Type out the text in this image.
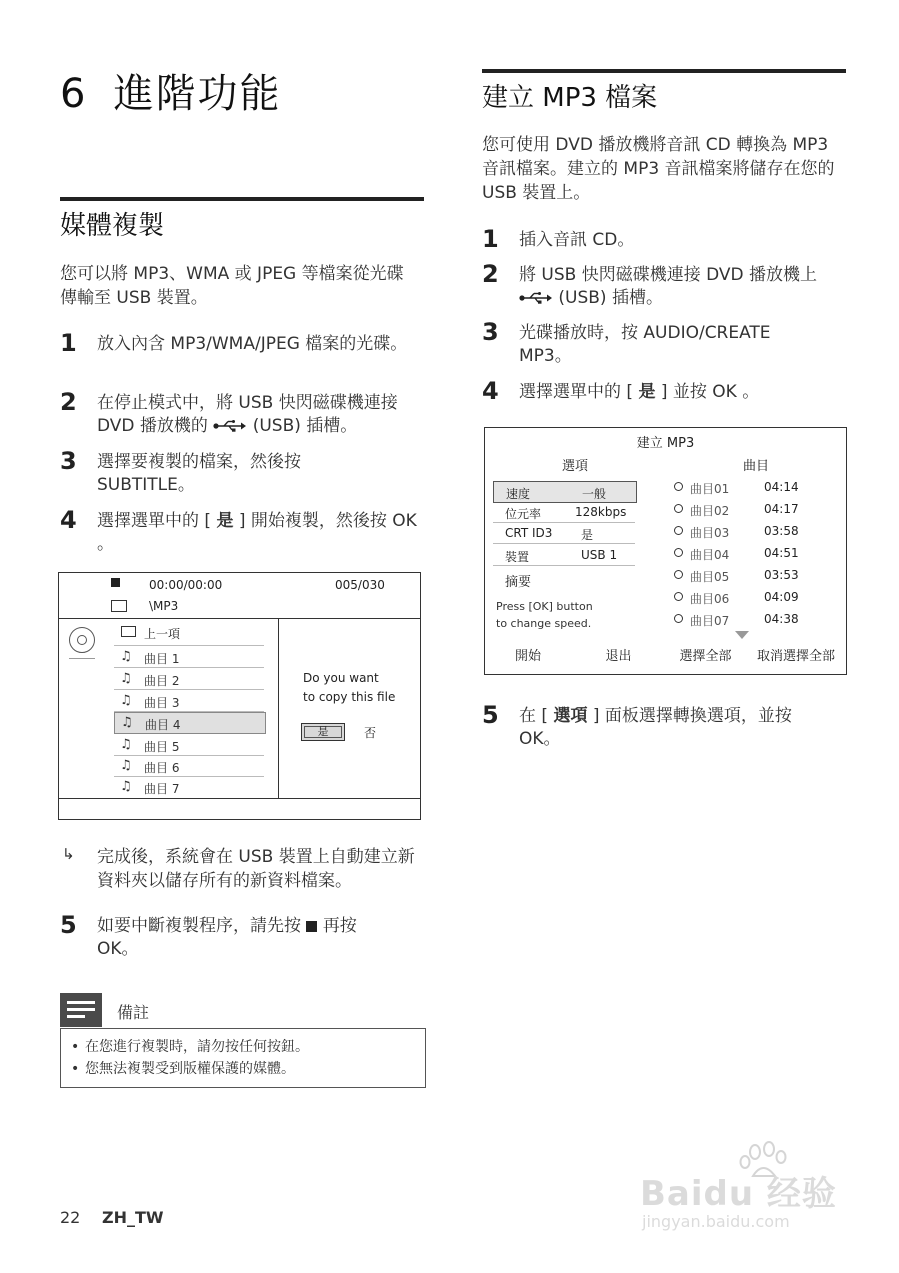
6 進階功能
媒體複製
您可以將 MP3、WMA 或 JPEG 等檔案從光碟傳輸至 USB 裝置。
1 放入內含 MP3/WMA/JPEG 檔案的光碟。
2 在停止模式中，將 USB 快閃磁碟機連接 DVD 播放機的	(USB) 插槽。
3 選擇要複製的檔案，然後按 SUBTITLE。
4 選擇選單中的 [ 是 ] 開始複製，然後按 OK 。
00:00/00:00	005/030
\MP3
上一項
♫ 曲目 1
♫ 曲目 2
♫ 曲目 3
♫ 曲目 4
♫ 曲目 5
♫ 曲目 6
♫ 曲目 7
Do you want
to copy this file
是	否
↳ 完成後，系統會在 USB 裝置上自動建立新資料夾以儲存所有的新資料檔案。
5 如要中斷複製程序，請先按 再按 OK。
備註
• 在您進行複製時，請勿按任何按鈕。
• 您無法複製受到版權保護的媒體。
建立 MP3 檔案
您可使用 DVD 播放機將音訊 CD 轉換為 MP3 音訊檔案。建立的 MP3 音訊檔案將儲存在您的 USB 裝置上。
1 插入音訊 CD。
2 將 USB 快閃磁碟機連接 DVD 播放機上  (USB) 插槽。
3 光碟播放時，按 AUDIO/CREATE MP3。
4 選擇選單中的 [ 是 ] 並按 OK 。
建立 MP3
選項	曲目
速度	一般
位元率	128kbps
CRT ID3 是
裝置	USB 1
摘要
Press [OK] button
to change speed.
曲目01	04:14
曲目02	04:17
曲目03	03:58
曲目04	04:51
曲目05	03:53
曲目06	04:09
曲目07	04:38
開始	退出	選擇全部	取消選擇全部
5 在 [ 選項 ] 面板選擇轉換選項，並按 OK。
22 ZH_TW
Baidu 经验
jingyan.baidu.com
